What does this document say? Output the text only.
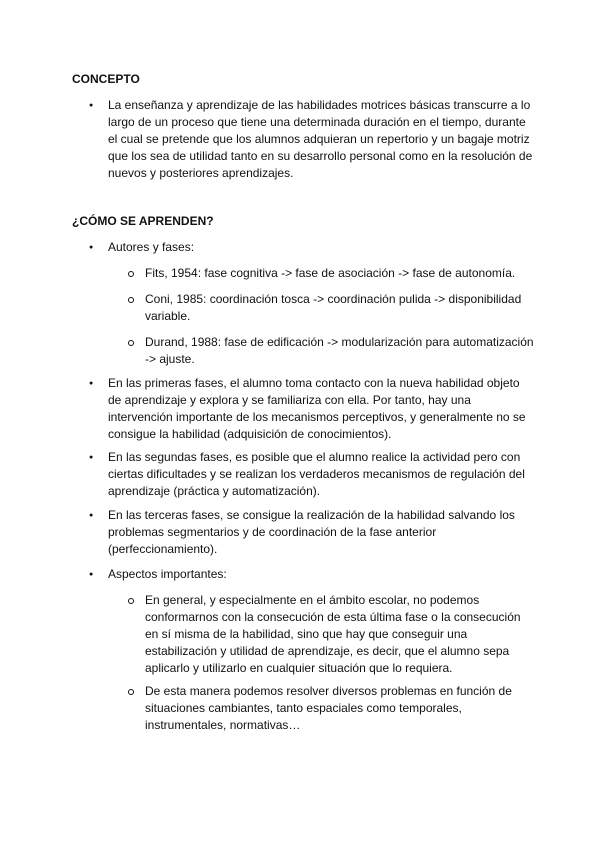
CONCEPTO

● La enseñanza y aprendizaje de las habilidades motrices básicas transcurre a lo largo de un proceso que tiene una determinada duración en el tiempo, durante el cual se pretende que los alumnos adquieran un repertorio y un bagaje motriz que los sea de utilidad tanto en su desarrollo personal como en la resolución de nuevos y posteriores aprendizajes.

¿CÓMO SE APRENDEN?

● Autores y fases:

Fits, 1954: fase cognitiva -> fase de asociación -> fase de autonomía.

Coni, 1985: coordinación tosca -> coordinación pulida -> disponibilidad variable.

Durand, 1988: fase de edificación -> modularización para automatización -> ajuste.

● En las primeras fases, el alumno toma contacto con la nueva habilidad objeto de aprendizaje y explora y se familiariza con ella. Por tanto, hay una intervención importante de los mecanismos perceptivos, y generalmente no se consigue la habilidad (adquisición de conocimientos).

● En las segundas fases, es posible que el alumno realice la actividad pero con ciertas dificultades y se realizan los verdaderos mecanismos de regulación del aprendizaje (práctica y automatización).

● En las terceras fases, se consigue la realización de la habilidad salvando los problemas segmentarios y de coordinación de la fase anterior (perfeccionamiento).

● Aspectos importantes:

En general, y especialmente en el ámbito escolar, no podemos conformarnos con la consecución de esta última fase o la consecución en sí misma de la habilidad, sino que hay que conseguir una estabilización y utilidad de aprendizaje, es decir, que el alumno sepa aplicarlo y utilizarlo en cualquier situación que lo requiera.

De esta manera podemos resolver diversos problemas en función de situaciones cambiantes, tanto espaciales como temporales, instrumentales, normativas…
